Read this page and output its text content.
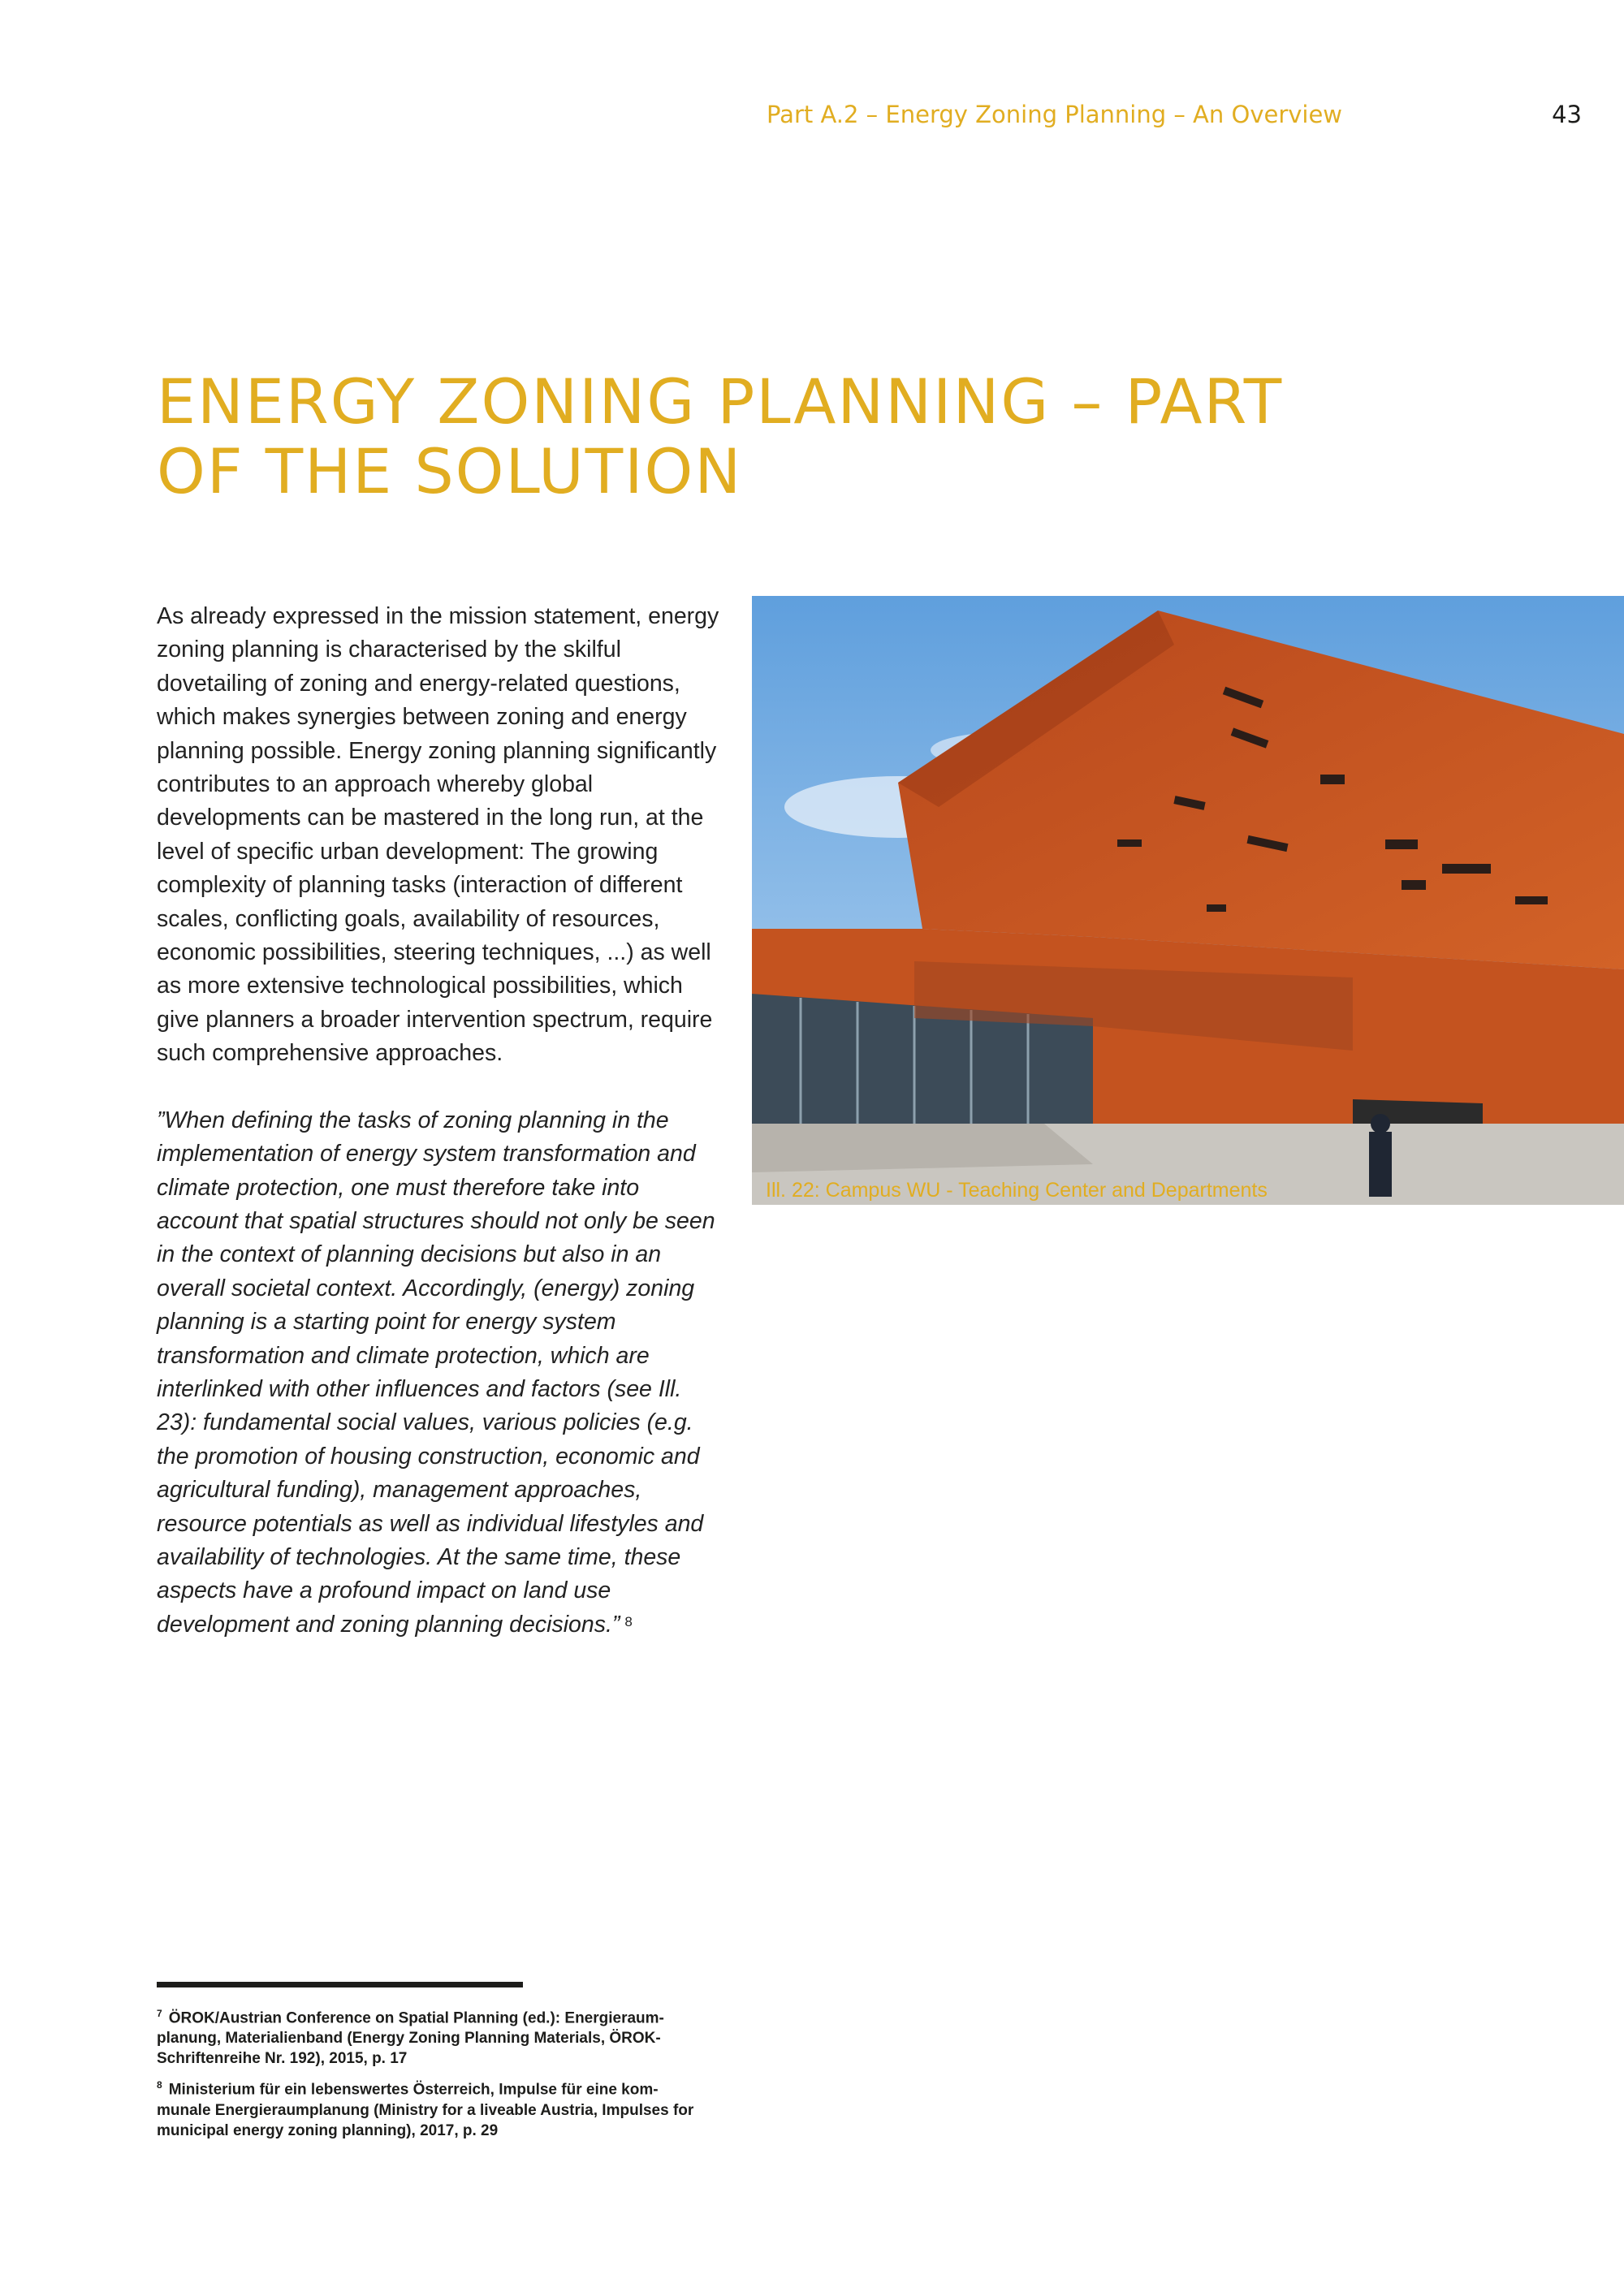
Part A.2 – Energy Zoning Planning – An Overview	43
ENERGY ZONING PLANNING – PART
OF THE SOLUTION

As already expressed in the mission statement, energy zoning planning is characterised by the skilful dovetailing of zoning and energy-related questions, which makes synergies between zoning and energy planning possible. Energy zoning planning significantly contributes to an approach whereby global developments can be mastered in the long run, at the level of specific urban development: The growing complexity of planning tasks (interaction of different scales, conflicting goals, availability of resources, economic possibilities, steering techniques, ...) as well as more extensive technological possibilities, which give planners a broader intervention spectrum, require such comprehensive approaches.

”When defining the tasks of zoning planning in the implementation of energy system transformation and climate protection, one must therefore take into account that spatial structures should not only be seen in the context of planning decisions but also in an overall societal context. Accordingly, (energy) zoning planning is a starting point for energy system transformation and climate protection, which are interlinked with other influences and factors (see Ill. 23): fundamental social values, various policies (e.g. the promotion of housing construction, economic and agricultural funding), management approaches, resource potentials as well as individual lifestyles and availability of technologies. At the same time, these aspects have a profound impact on land use development and zoning planning decisions.” $^8$

Ill. 22: Campus WU - Teaching Center and Departments
$^7$ ÖROK/Austrian Conference on Spatial Planning (ed.): Energieraum-planung, Materialienband (Energy Zoning Planning Materials, ÖROK-Schriftenreihe Nr. 192), 2015, p. 17
$^8$ Ministerium für ein lebenswertes Österreich, Impulse für eine kom-munale Energieraumplanung (Ministry for a liveable Austria, Impulses for municipal energy zoning planning), 2017, p. 29
